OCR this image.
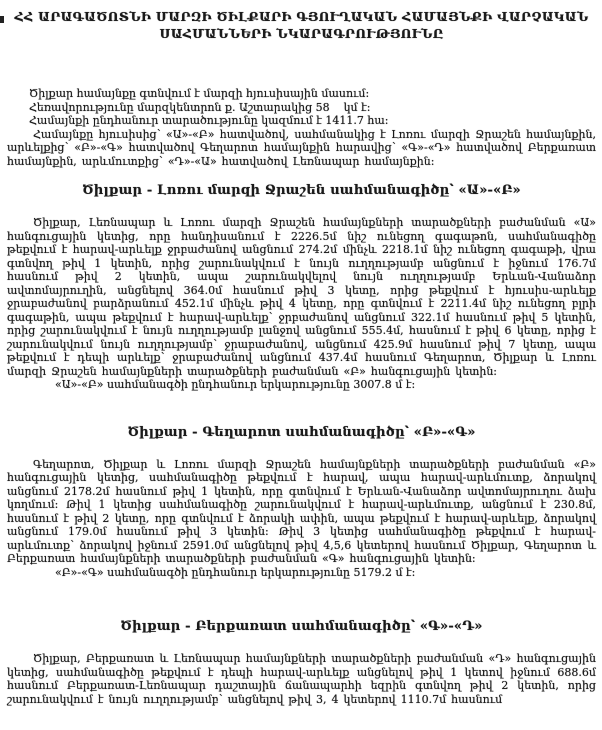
ՀՀ ԱՐԱԳԱԾՈՏՆԻ ՄԱՐԶԻ ԾԻԼՔԱՐԻ ԳՅՈՒՂԱԿԱՆ ՀԱՄԱՅՆՔԻ ՎԱՐՉԱԿԱՆ
ՍԱՀՄԱՆՆԵՐԻ ՆԿԱՐԱԳՐՈՒԹՅՈՒՆԸ

Ծիլքար համայնքը գտնվում է մարզի հյուսիսային մասում:

Հեռավորությունը մարզկենտրոն ք. Աշտարակից 58    կմ է:

Համայնքի ընդհանուր տարածությունը կազմում է 1411.7 հա:

Համայնքը հյուսիսից՝ «Ա»-«Բ» հատվածով, սահմանակից է Լոռու մարզի Ջրաշեն համայնքին, արևելքից՝ «Բ»-«Գ» հատվածով Գեղարոտ համայնքին հարավից՝ «Գ»-«Դ» հատվածով Բերքառատ համայնքին, արևմուտքից՝ «Դ»-«Ա» հատվածով Լեռնապար համայնքին:

Ծիլքար - Լոռու մարզի Ջրաշեն սահմանագիծը՝ «Ա»-«Բ»

Ծիլքար, Լեռնապար և Լոռու մարզի Ջրաշեն համայնքների տարածքների բաժանման «Ա» հանգուցային կետից, որը հանդիսանում է 2226.5մ նիշ ունեցող գագաթոն, սահմանագիծը թեքվում է հարավ-արևելք ջրբաժանով անցնում 274.2մ մինչև 2218.1մ նիշ ունեցող գագաթի, վրա գտնվող թիվ 1 կետին, որից շարունակվում է նույն ուղղությամբ անցնում է իջնում 176.7մ հասնում թիվ 2 կետին, ապա շարունակվելով նույն ուղղությամբ Երևան-Վանաձոր ավտոմայրուղին, անցնելով 364.0մ հասնում թիվ 3 կետը, որից թեքվում է հյուսիս-արևելք ջրաբաժանով բարձրանում 452.1մ մինչև թիվ 4 կետը, որը գտնվում է 2211.4մ նիշ ունեցող բլրի գագաթին, ապա թեքվում է հարավ-արևելք՝ ջրբաժանով անցնում 322.1մ հասնում թիվ 5 կետին, որից շարունակվում է նույն ուղղությամբ լանջով անցնում 555.4մ, հասնում է թիվ 6 կետը, որից է շարունակվում նույն ուղղությամբ՝ ջրաբաժանով, անցնում 425.9մ հասնում թիվ 7 կետը, ապա թեքվում է դեպի արևելք՝ ջրաբաժանով անցնում 437.4մ հասնում Գեղարոտ, Ծիլքար և Լոռու մարզի Ջրաշեն համայնքների տարածքների բաժանման «Բ» հանգուցային կետին:

«Ա»-«Բ» սահմանագծի ընդհանուր երկարությունը 3007.8 մ է:

Ծիլքար - Գեղարոտ սահմանագիծը՝ «Բ»-«Գ»

Գեղարոտ, Ծիլքար և Լոռու մարզի Ջրաշեն համայնքների տարածքների բաժանման «Բ» հանգուցային կետից, սահմանագիծը թեքվում է հարավ, ապա հարավ-արևմուտք, ձորակով անցնում 2178.2մ հասնում թիվ 1 կետին, որը գտնվում է Երևան-Վանաձոր ավտոմայրուղու ձախ կողմում: Թիվ 1 կետից սահմանագիծը շարունակվում է հարավ-արևմուտք, անցնում է 230.8մ, հասնում է թիվ 2 կետը, որը գտնվում է ձորակի ափին, ապա թեքվում է հարավ-արևելք, ձորակով անցնում 179.0մ հասնում թիվ 3 կետին: Թիվ 3 կետից սահմանագիծը թեքվում է հարավ-արևմուտք՝ ձորակով իջնում 2591.0մ անցնելով թիվ 4,5,6 կետերով հասնում Ծիլքար, Գեղարոտ և Բերքառատ համայնքների տարածքների բաժանման «Գ» հանգուցային կետին:

«Բ»-«Գ» սահմանագծի ընդհանուր երկարությունը 5179.2 մ է:

Ծիլքար - Բերքառատ սահմանագիծը՝ «Գ»-«Դ»

Ծիլքար, Բերքառատ և Լեռնապար համայնքների տարածքների բաժանման «Դ» հանգուցային կետից, սահմանագիծը թեքվում է դեպի հարավ-արևելք անցնելով թիվ 1 կետով իջնում 688.6մ հասնում Բերքառատ-Լեռնապար դաշտային ճանապարհի եզրին գտնվող թիվ 2 կետին, որից շարունակվում է նույն ուղղությամբ՝ անցնելով թիվ 3, 4 կետերով 1110.7մ հասնում
